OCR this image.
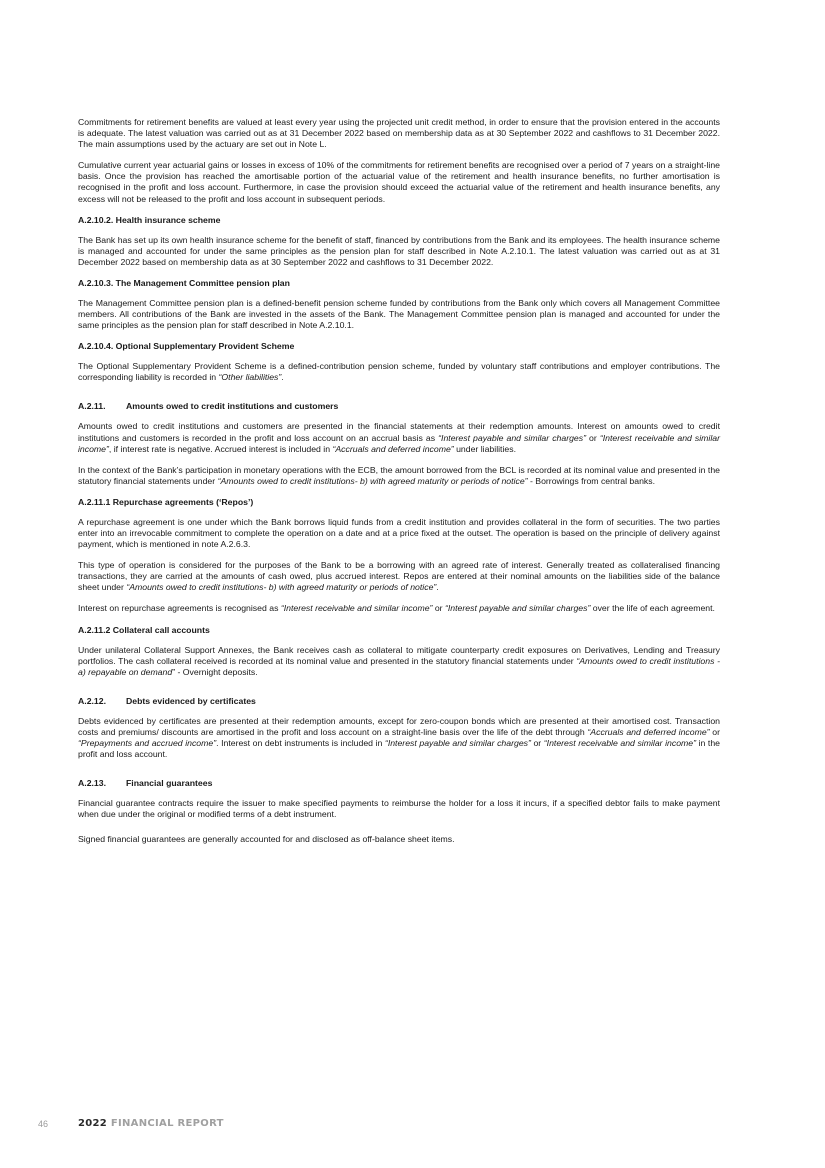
Commitments for retirement benefits are valued at least every year using the projected unit credit method, in order to ensure that the provision entered in the accounts is adequate. The latest valuation was carried out as at 31 December 2022 based on membership data as at 30 September 2022 and cashflows to 31 December 2022. The main assumptions used by the actuary are set out in Note L.

Cumulative current year actuarial gains or losses in excess of 10% of the commitments for retirement benefits are recognised over a period of 7 years on a straight-line basis. Once the provision has reached the amortisable portion of the actuarial value of the retirement and health insurance benefits, no further amortisation is recognised in the profit and loss account. Furthermore, in case the provision should exceed the actuarial value of the retirement and health insurance benefits, any excess will not be released to the profit and loss account in subsequent periods.

A.2.10.2. Health insurance scheme

The Bank has set up its own health insurance scheme for the benefit of staff, financed by contributions from the Bank and its employees. The health insurance scheme is managed and accounted for under the same principles as the pension plan for staff described in Note A.2.10.1. The latest valuation was carried out as at 31 December 2022 based on membership data as at 30 September 2022 and cashflows to 31 December 2022.

A.2.10.3. The Management Committee pension plan

The Management Committee pension plan is a defined-benefit pension scheme funded by contributions from the Bank only which covers all Management Committee members. All contributions of the Bank are invested in the assets of the Bank. The Management Committee pension plan is managed and accounted for under the same principles as the pension plan for staff described in Note A.2.10.1.

A.2.10.4. Optional Supplementary Provident Scheme

The Optional Supplementary Provident Scheme is a defined-contribution pension scheme, funded by voluntary staff contributions and employer contributions. The corresponding liability is recorded in “Other liabilities”.

A.2.11. Amounts owed to credit institutions and customers

Amounts owed to credit institutions and customers are presented in the financial statements at their redemption amounts. Interest on amounts owed to credit institutions and customers is recorded in the profit and loss account on an accrual basis as “Interest payable and similar charges” or “Interest receivable and similar income”, if interest rate is negative. Accrued interest is included in “Accruals and deferred income” under liabilities.

In the context of the Bank’s participation in monetary operations with the ECB, the amount borrowed from the BCL is recorded at its nominal value and presented in the statutory financial statements under “Amounts owed to credit institutions- b) with agreed maturity or periods of notice” - Borrowings from central banks.

A.2.11.1 Repurchase agreements (‘Repos’)

A repurchase agreement is one under which the Bank borrows liquid funds from a credit institution and provides collateral in the form of securities. The two parties enter into an irrevocable commitment to complete the operation on a date and at a price fixed at the outset. The operation is based on the principle of delivery against payment, which is mentioned in note A.2.6.3.

This type of operation is considered for the purposes of the Bank to be a borrowing with an agreed rate of interest. Generally treated as collateralised financing transactions, they are carried at the amounts of cash owed, plus accrued interest. Repos are entered at their nominal amounts on the liabilities side of the balance sheet under “Amounts owed to credit institutions- b) with agreed maturity or periods of notice”.

Interest on repurchase agreements is recognised as “Interest receivable and similar income” or “Interest payable and similar charges” over the life of each agreement.

A.2.11.2 Collateral call accounts

Under unilateral Collateral Support Annexes, the Bank receives cash as collateral to mitigate counterparty credit exposures on Derivatives, Lending and Treasury portfolios. The cash collateral received is recorded at its nominal value and presented in the statutory financial statements under “Amounts owed to credit institutions - a) repayable on demand” - Overnight deposits.

A.2.12. Debts evidenced by certificates

Debts evidenced by certificates are presented at their redemption amounts, except for zero-coupon bonds which are presented at their amortised cost. Transaction costs and premiums/ discounts are amortised in the profit and loss account on a straight-line basis over the life of the debt through “Accruals and deferred income” or “Prepayments and accrued income”. Interest on debt instruments is included in “Interest payable and similar charges” or “Interest receivable and similar income” in the profit and loss account.

A.2.13. Financial guarantees

Financial guarantee contracts require the issuer to make specified payments to reimburse the holder for a loss it incurs, if a specified debtor fails to make payment when due under the original or modified terms of a debt instrument.

Signed financial guarantees are generally accounted for and disclosed as off-balance sheet items.

46	2022 FINANCIAL REPORT
